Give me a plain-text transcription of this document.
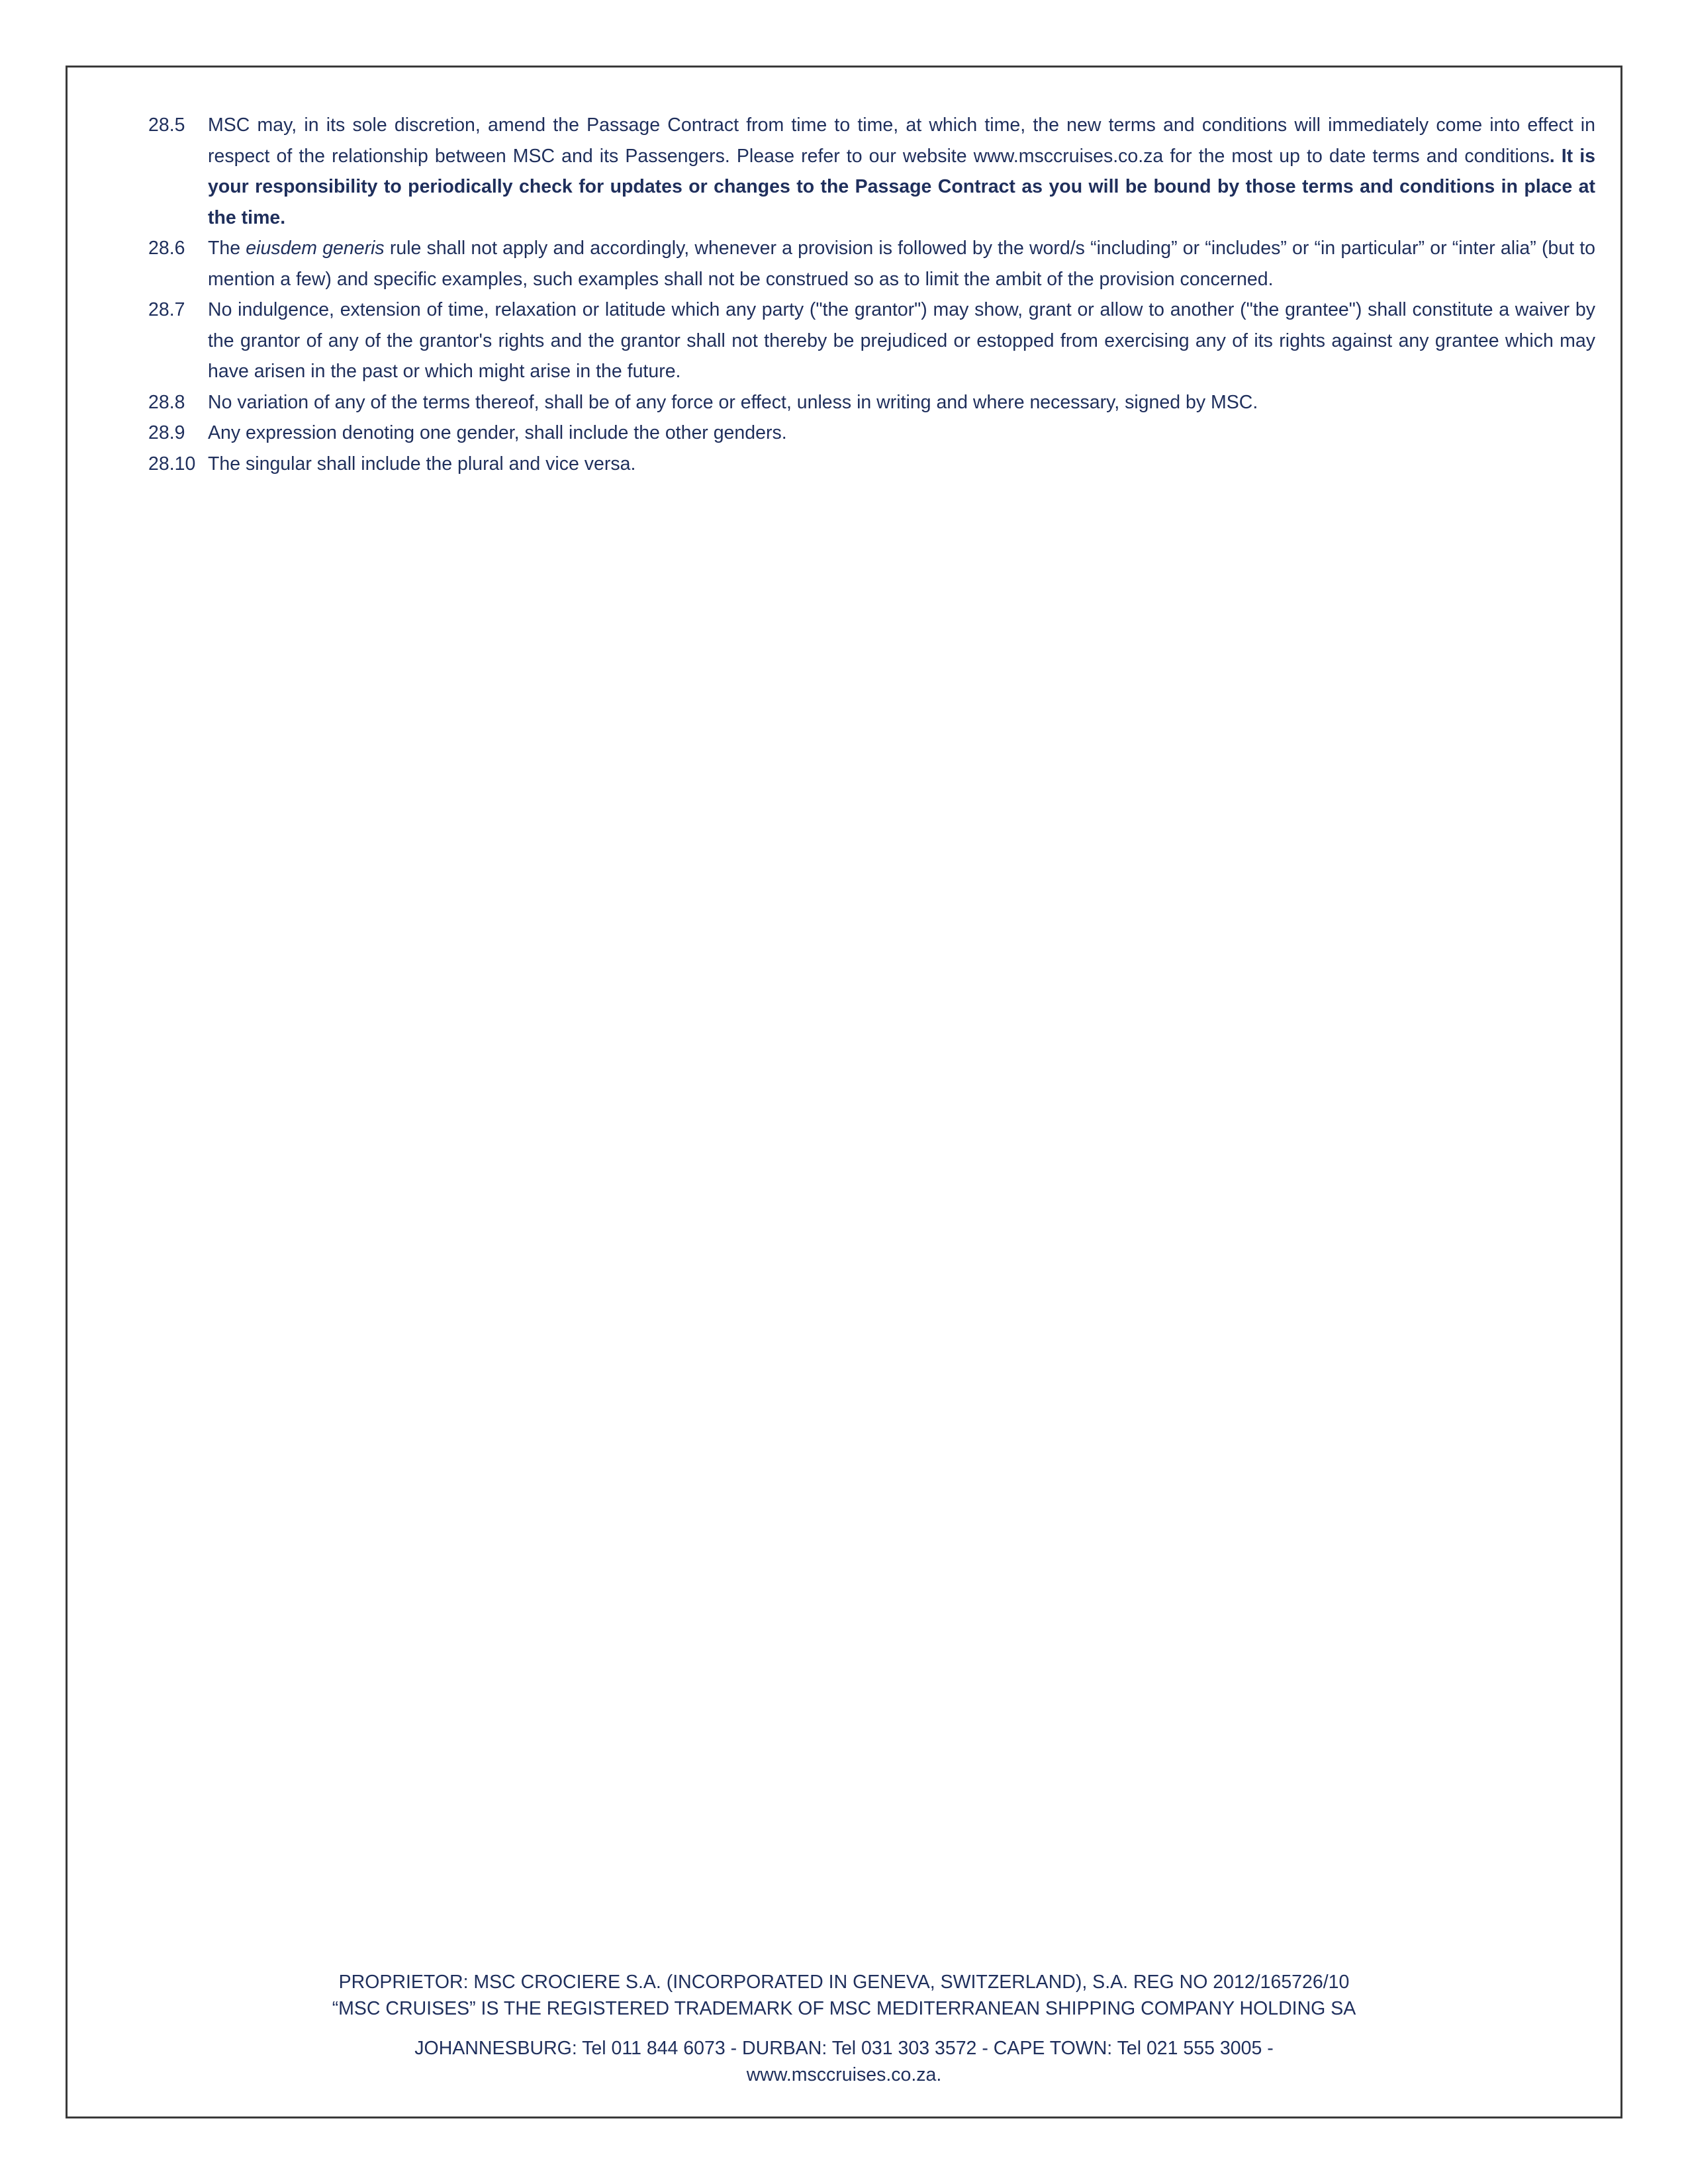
28.5	MSC may, in its sole discretion, amend the Passage Contract from time to time, at which time, the new terms and conditions will immediately come into effect in respect of the relationship between MSC and its Passengers. Please refer to our website www.msccruises.co.za for the most up to date terms and conditions. It is your responsibility to periodically check for updates or changes to the Passage Contract as you will be bound by those terms and conditions in place at the time.
28.6	The eiusdem generis rule shall not apply and accordingly, whenever a provision is followed by the word/s “including” or “includes” or “in particular” or “inter alia” (but to mention a few) and specific examples, such examples shall not be construed so as to limit the ambit of the provision concerned.
28.7	No indulgence, extension of time, relaxation or latitude which any party ("the grantor") may show, grant or allow to another ("the grantee") shall constitute a waiver by the grantor of any of the grantor's rights and the grantor shall not thereby be prejudiced or estopped from exercising any of its rights against any grantee which may have arisen in the past or which might arise in the future.
28.8	No variation of any of the terms thereof, shall be of any force or effect, unless in writing and where necessary, signed by MSC.
28.9	Any expression denoting one gender, shall include the other genders.
28.10 The singular shall include the plural and vice versa.
PROPRIETOR: MSC CROCIERE S.A. (INCORPORATED IN GENEVA, SWITZERLAND), S.A. REG NO 2012/165726/10
“MSC CRUISES” IS THE REGISTERED TRADEMARK OF MSC MEDITERRANEAN SHIPPING COMPANY HOLDING SA
JOHANNESBURG: Tel 011 844 6073 - DURBAN: Tel 031 303 3572 - CAPE TOWN: Tel 021 555 3005 -
www.msccruises.co.za.
